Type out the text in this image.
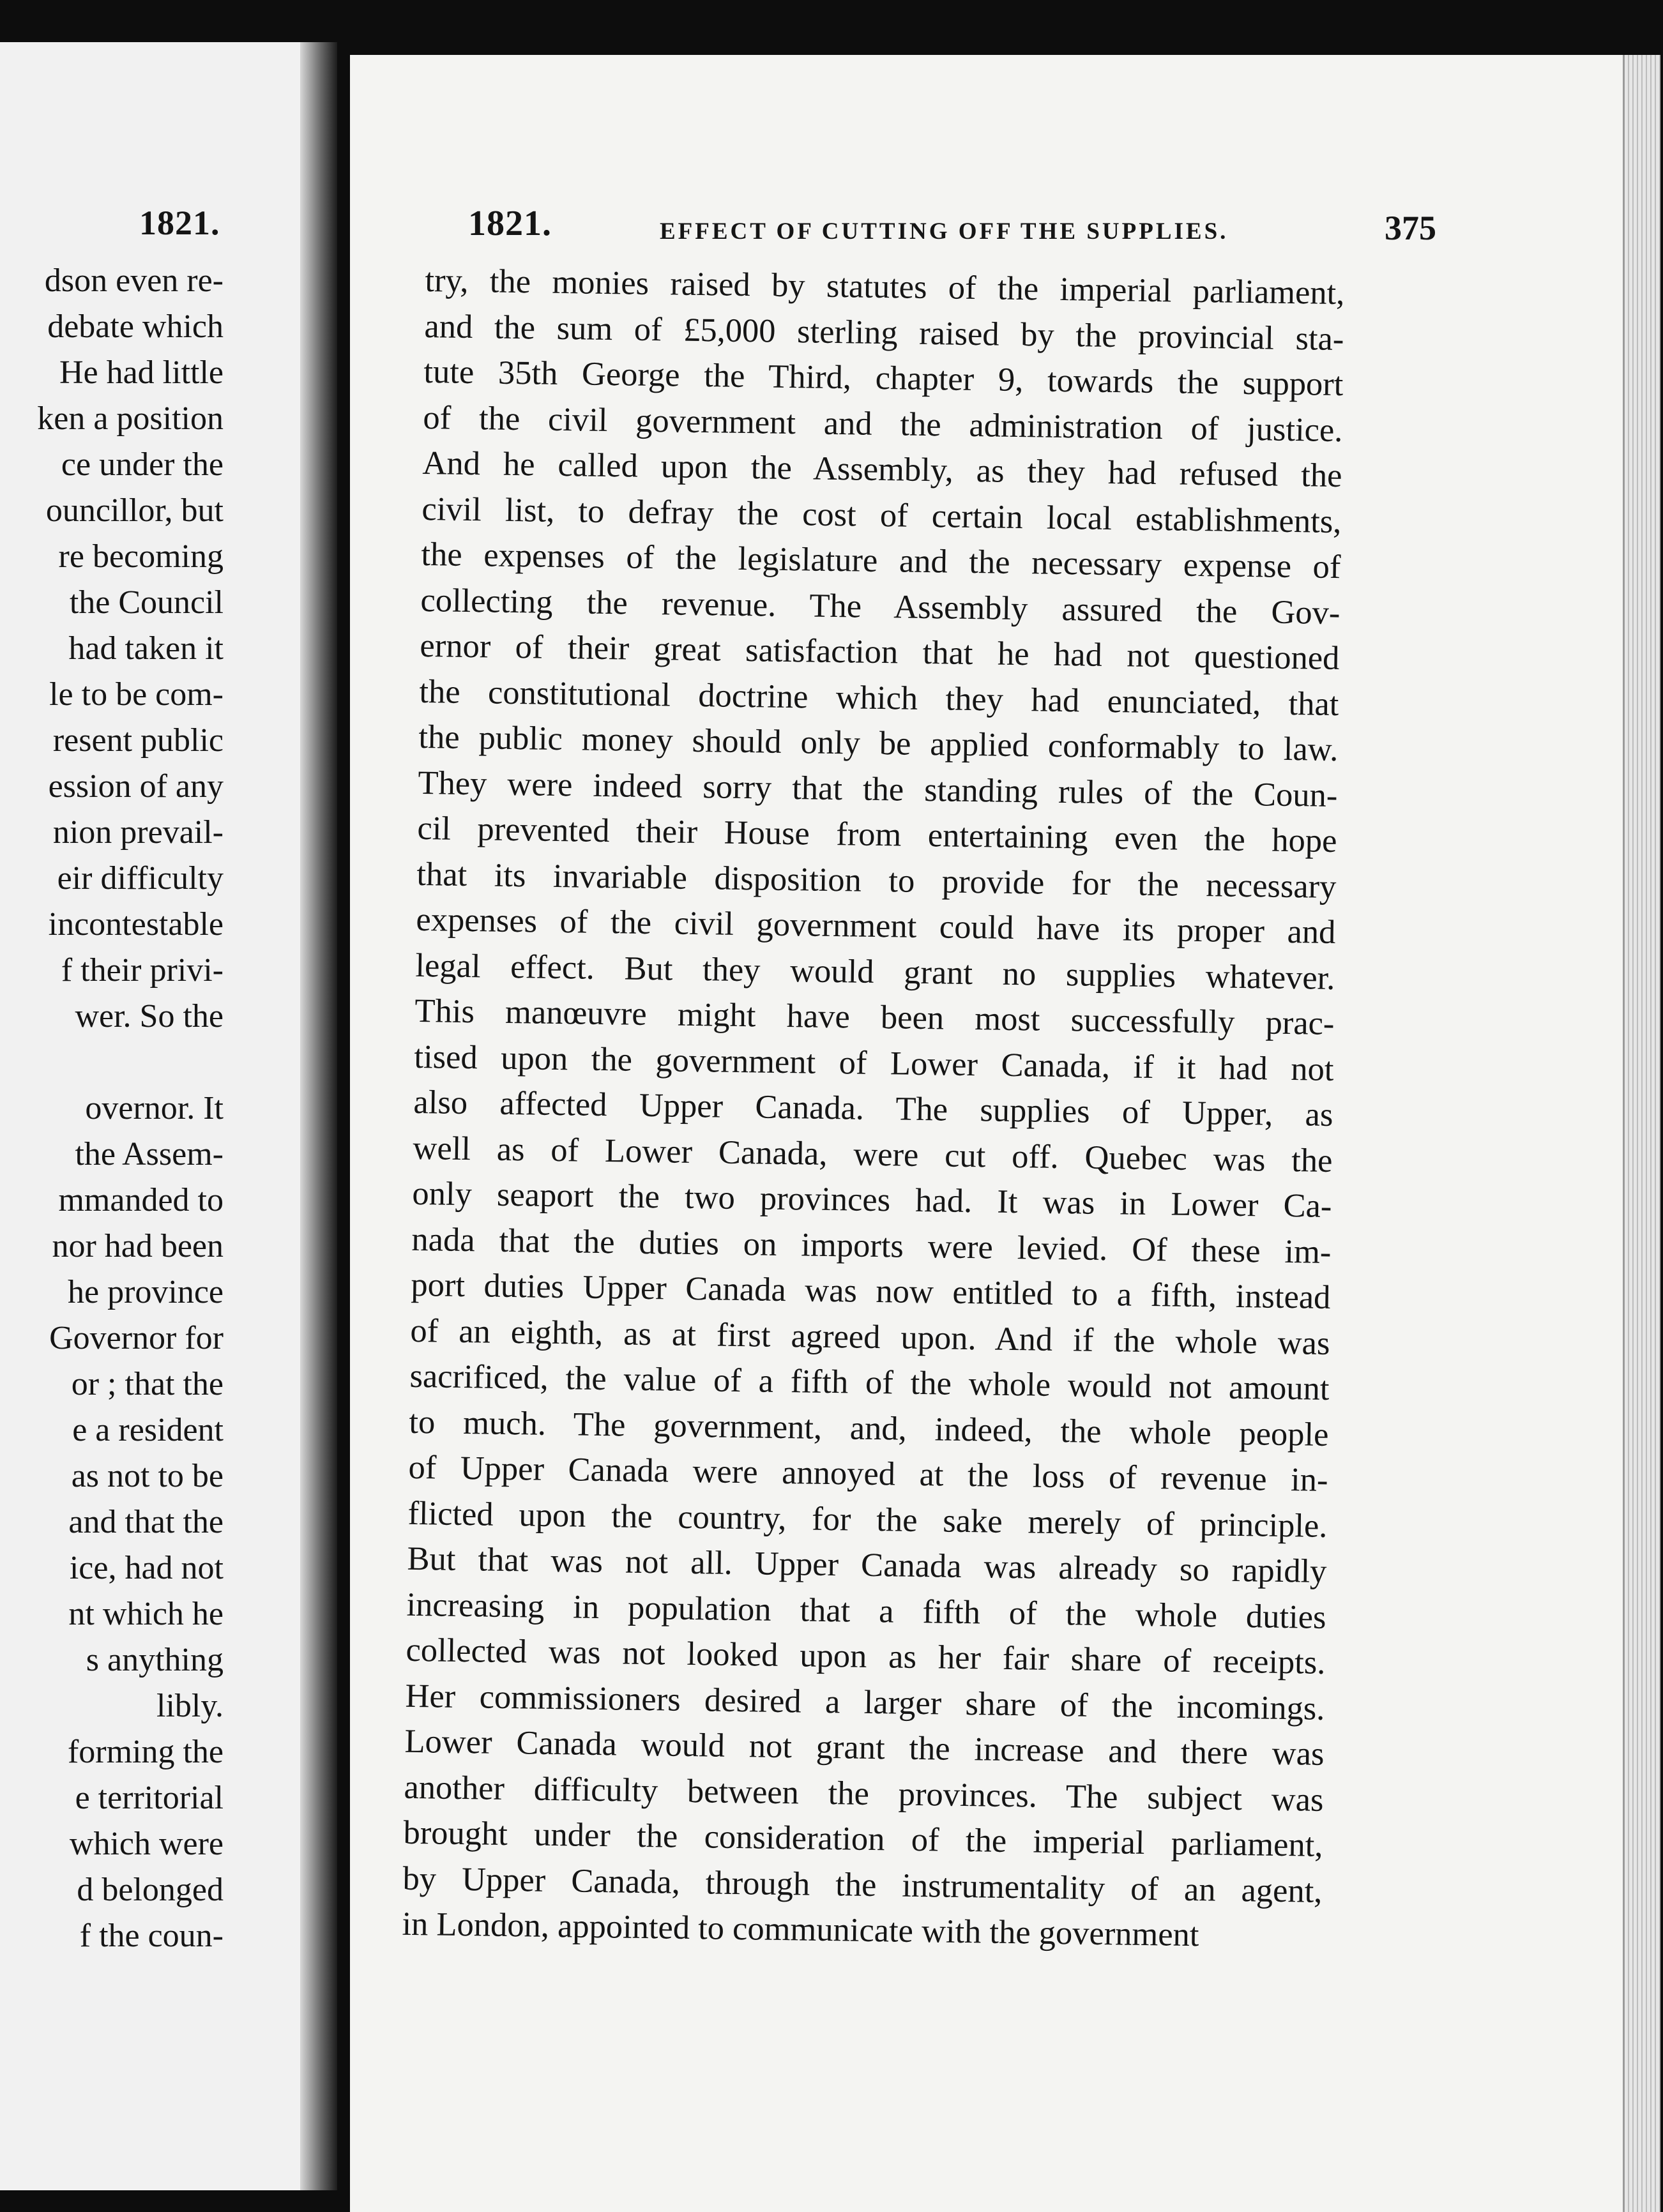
1821.
dson even re-
debate which
He had little
ken a position
ce under the
ouncillor, but
re becoming
the Council
had taken it
le to be com-
resent public
ession of any
nion prevail-
eir difficulty
incontestable
f their privi-
wer. So the
overnor. It
the Assem-
mmanded to
nor had been
he province
Governor for
or ; that the
e a resident
as not to be
and that the
ice, had not
nt which he
s anything
libly.
forming the
e territorial
which were
d belonged
f the coun-
1821.	EFFECT OF CUTTING OFF THE SUPPLIES.	375
try, the monies raised by statutes of the imperial parliament,
and the sum of £5,000 sterling raised by the provincial sta-
tute 35th George the Third, chapter 9, towards the support
of the civil government and the administration of justice.
And he called upon the Assembly, as they had refused the
civil list, to defray the cost of certain local establishments,
the expenses of the legislature and the necessary expense of
collecting the revenue. The Assembly assured the Gov-
ernor of their great satisfaction that he had not questioned
the constitutional doctrine which they had enunciated, that
the public money should only be applied conformably to law.
They were indeed sorry that the standing rules of the Coun-
cil prevented their House from entertaining even the hope
that its invariable disposition to provide for the necessary
expenses of the civil government could have its proper and
legal effect. But they would grant no supplies whatever.
This manœuvre might have been most successfully prac-
tised upon the government of Lower Canada, if it had not
also affected Upper Canada. The supplies of Upper, as
well as of Lower Canada, were cut off. Quebec was the
only seaport the two provinces had. It was in Lower Ca-
nada that the duties on imports were levied. Of these im-
port duties Upper Canada was now entitled to a fifth, instead
of an eighth, as at first agreed upon. And if the whole was
sacrificed, the value of a fifth of the whole would not amount
to much. The government, and, indeed, the whole people
of Upper Canada were annoyed at the loss of revenue in-
flicted upon the country, for the sake merely of principle.
But that was not all. Upper Canada was already so rapidly
increasing in population that a fifth of the whole duties
collected was not looked upon as her fair share of receipts.
Her commissioners desired a larger share of the incomings.
Lower Canada would not grant the increase and there was
another difficulty between the provinces. The subject was
brought under the consideration of the imperial parliament,
by Upper Canada, through the instrumentality of an agent,
in London, appointed to communicate with the government
